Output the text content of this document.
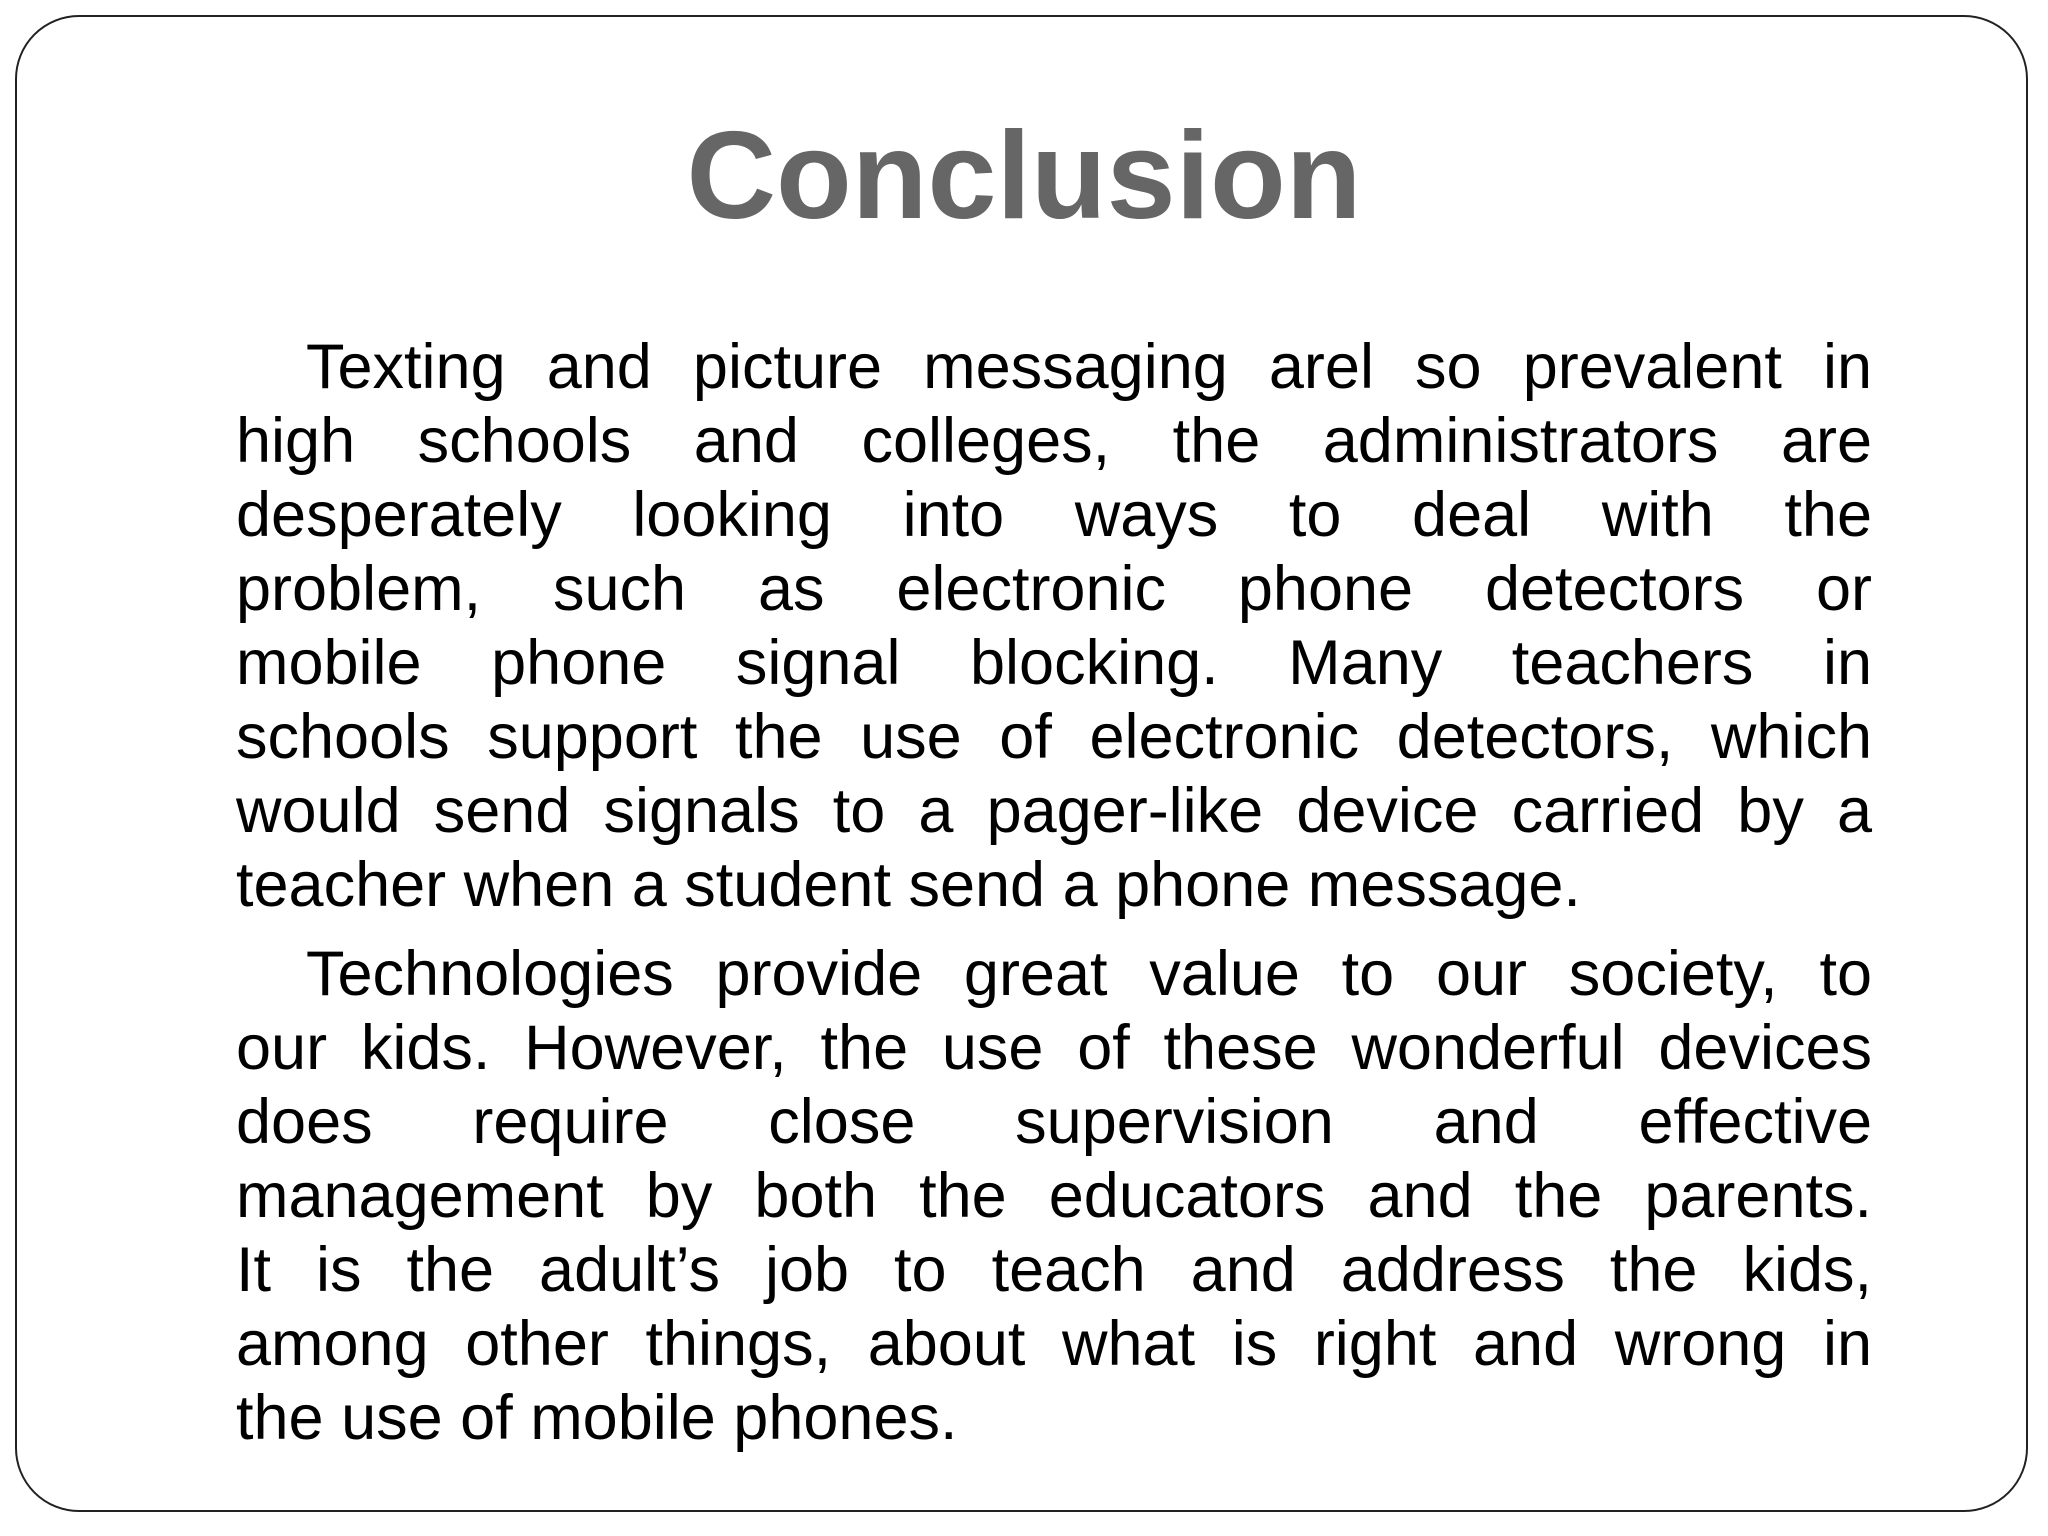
Conclusion
Texting and picture messaging arel so prevalent in
high schools and colleges, the administrators are
desperately looking into ways to deal with the
problem, such as electronic phone detectors or
mobile phone signal blocking. Many teachers in
schools support the use of electronic detectors, which
would send signals to a pager-like device carried by a
teacher when a student send a phone message.
Technologies provide great value to our society, to
our kids. However, the use of these wonderful devices
does require close supervision and effective
management by both the educators and the parents.
It is the adult’s job to teach and address the kids,
among other things, about what is right and wrong in
the use of mobile phones.
